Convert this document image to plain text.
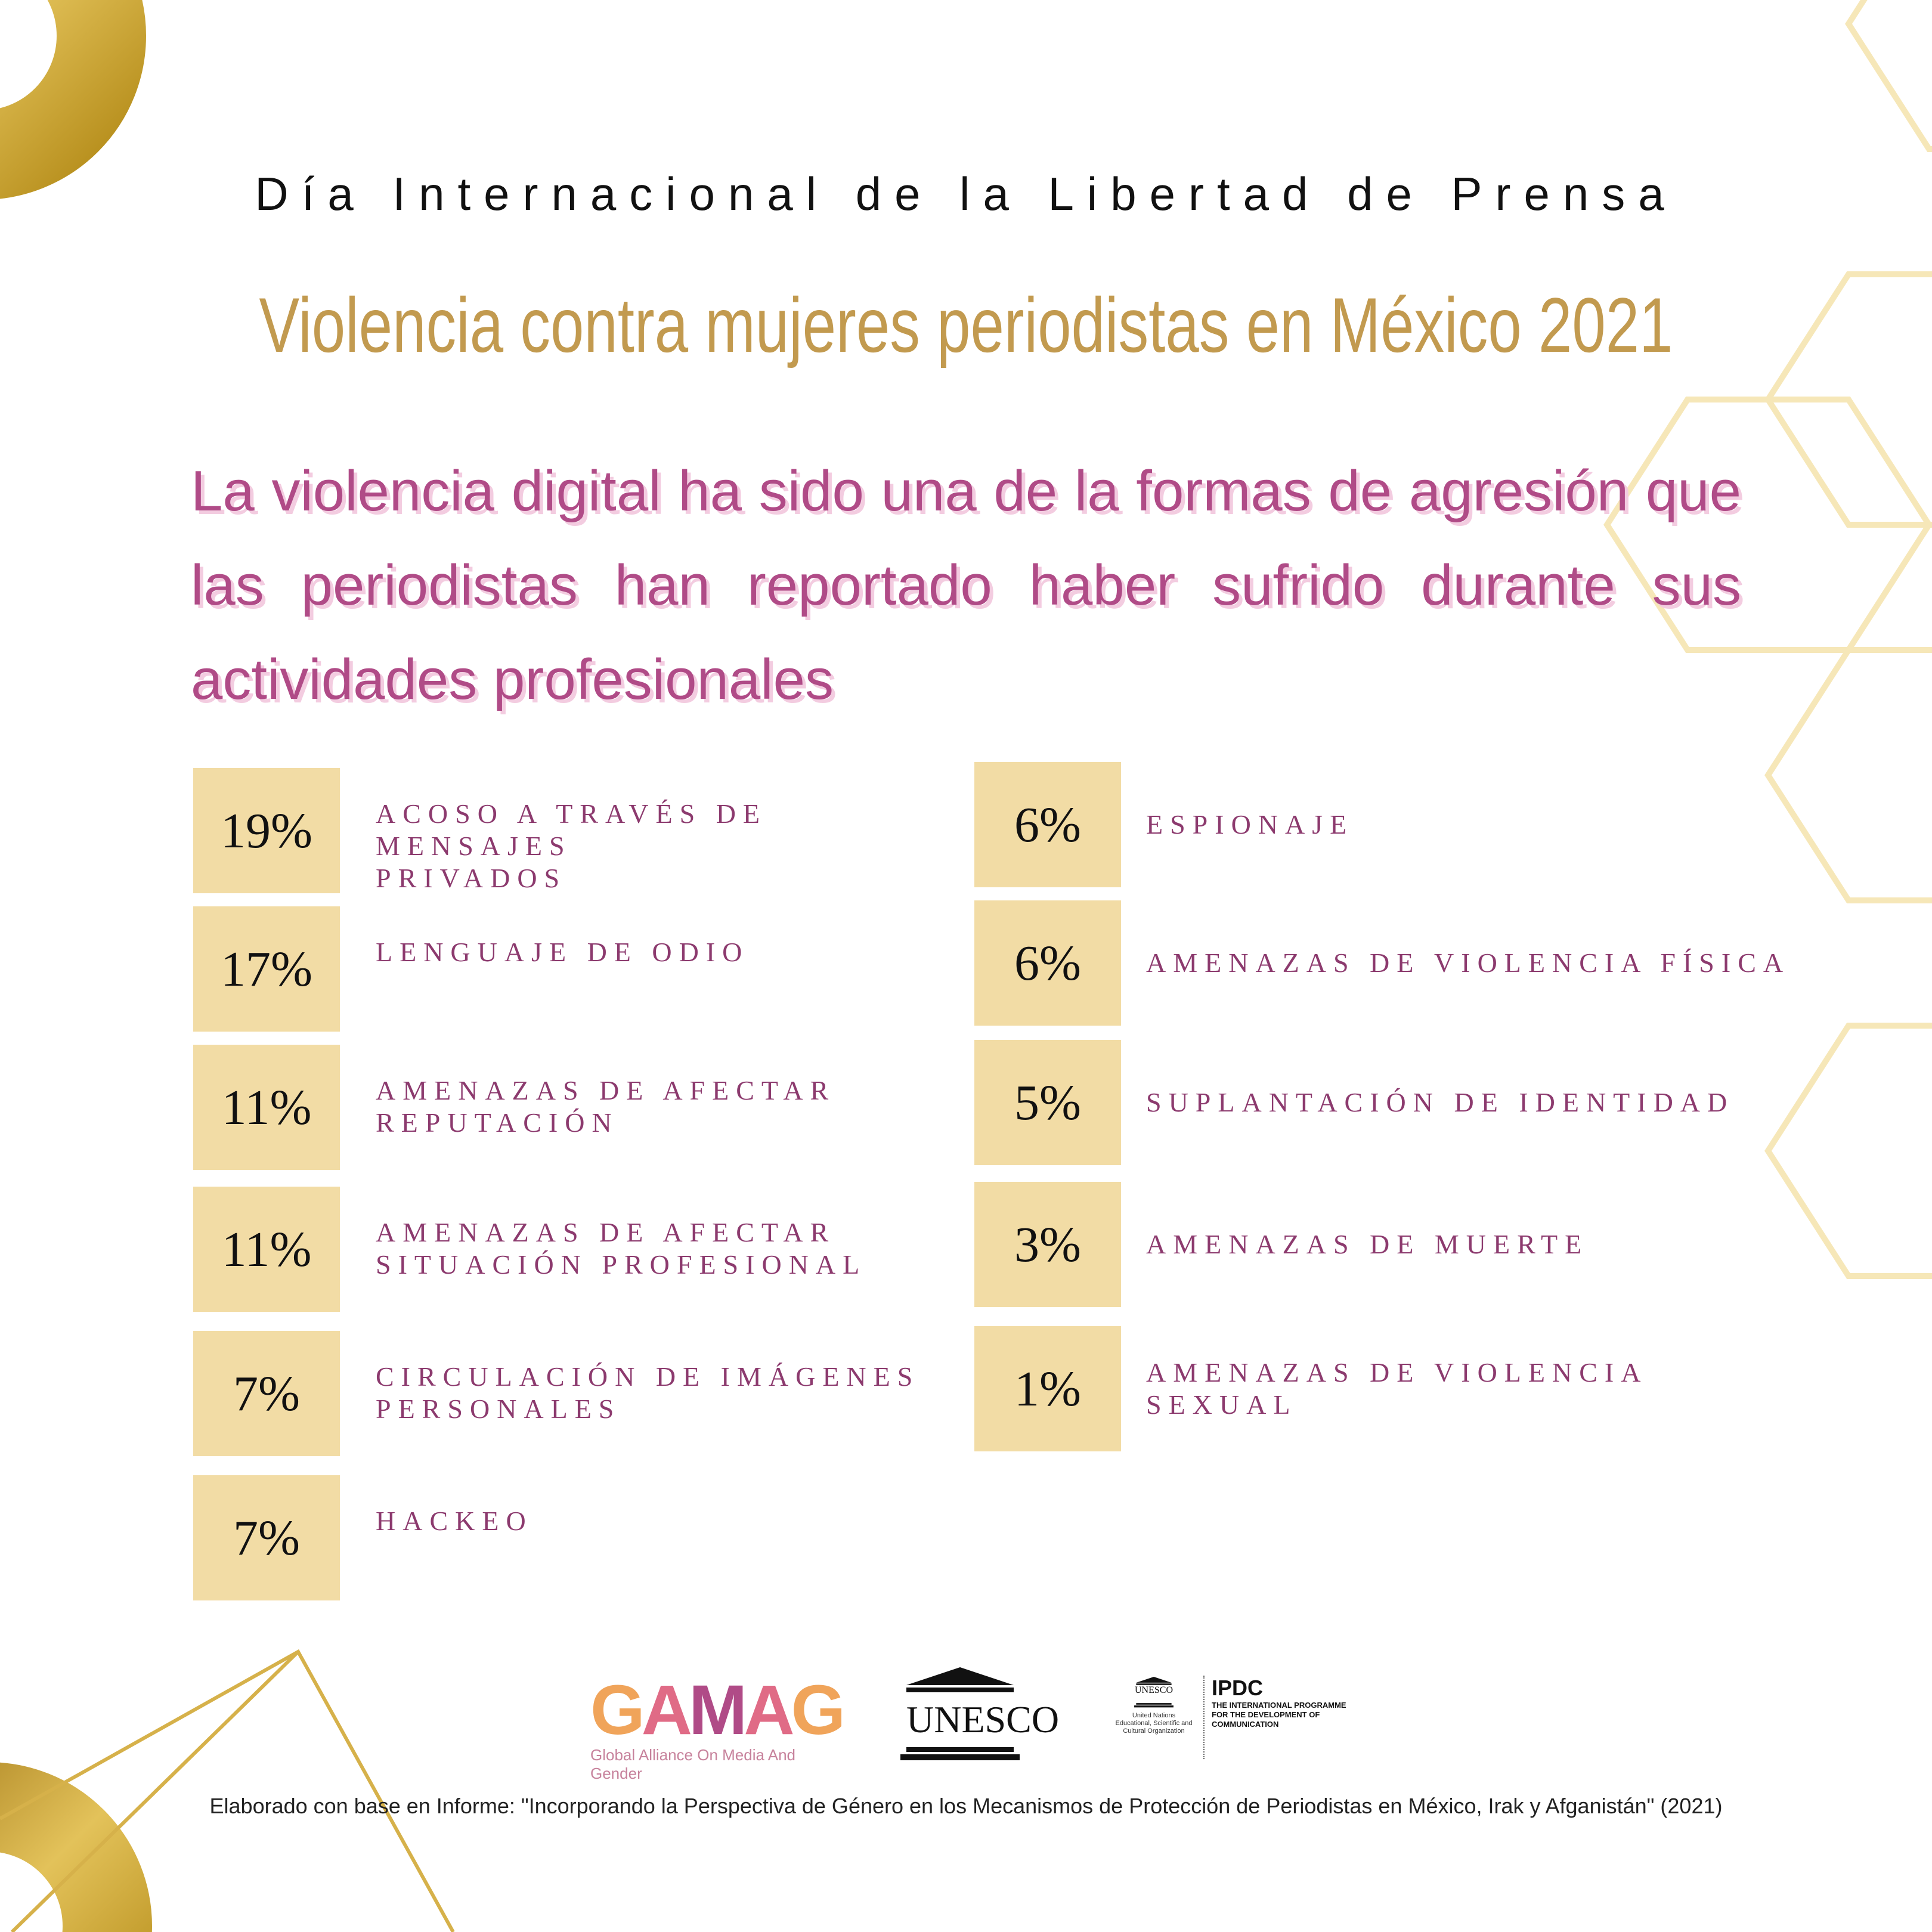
Día Internacional de la Libertad de Prensa
Violencia contra mujeres periodistas en México 2021
La violencia digital ha sido una de la formas de agresión que las periodistas han reportado haber sufrido durante sus actividades profesionales
19%	ACOSO A TRAVÉS DE MENSAJES
PRIVADOS
17%	LENGUAJE DE ODIO
11%	AMENAZAS DE AFECTAR
REPUTACIÓN
11%	AMENAZAS DE AFECTAR
SITUACIÓN PROFESIONAL
7%	CIRCULACIÓN DE IMÁGENES
PERSONALES
7%	HACKEO
6%	ESPIONAJE
6%	AMENAZAS DE VIOLENCIA FÍSICA
5%	SUPLANTACIÓN DE IDENTIDAD
3%	AMENAZAS DE MUERTE
1%	AMENAZAS DE VIOLENCIA SEXUAL
GAMAG
Global Alliance On Media And Gender
U N E S C O
UNESCO
United Nations
Educational, Scientific and
Cultural Organization
IPDC
THE INTERNATIONAL PROGRAMME
FOR THE DEVELOPMENT OF
COMMUNICATION
Elaborado con base en Informe: "Incorporando la Perspectiva de Género en los Mecanismos de Protección de Periodistas en México, Irak y Afganistán" (2021)
